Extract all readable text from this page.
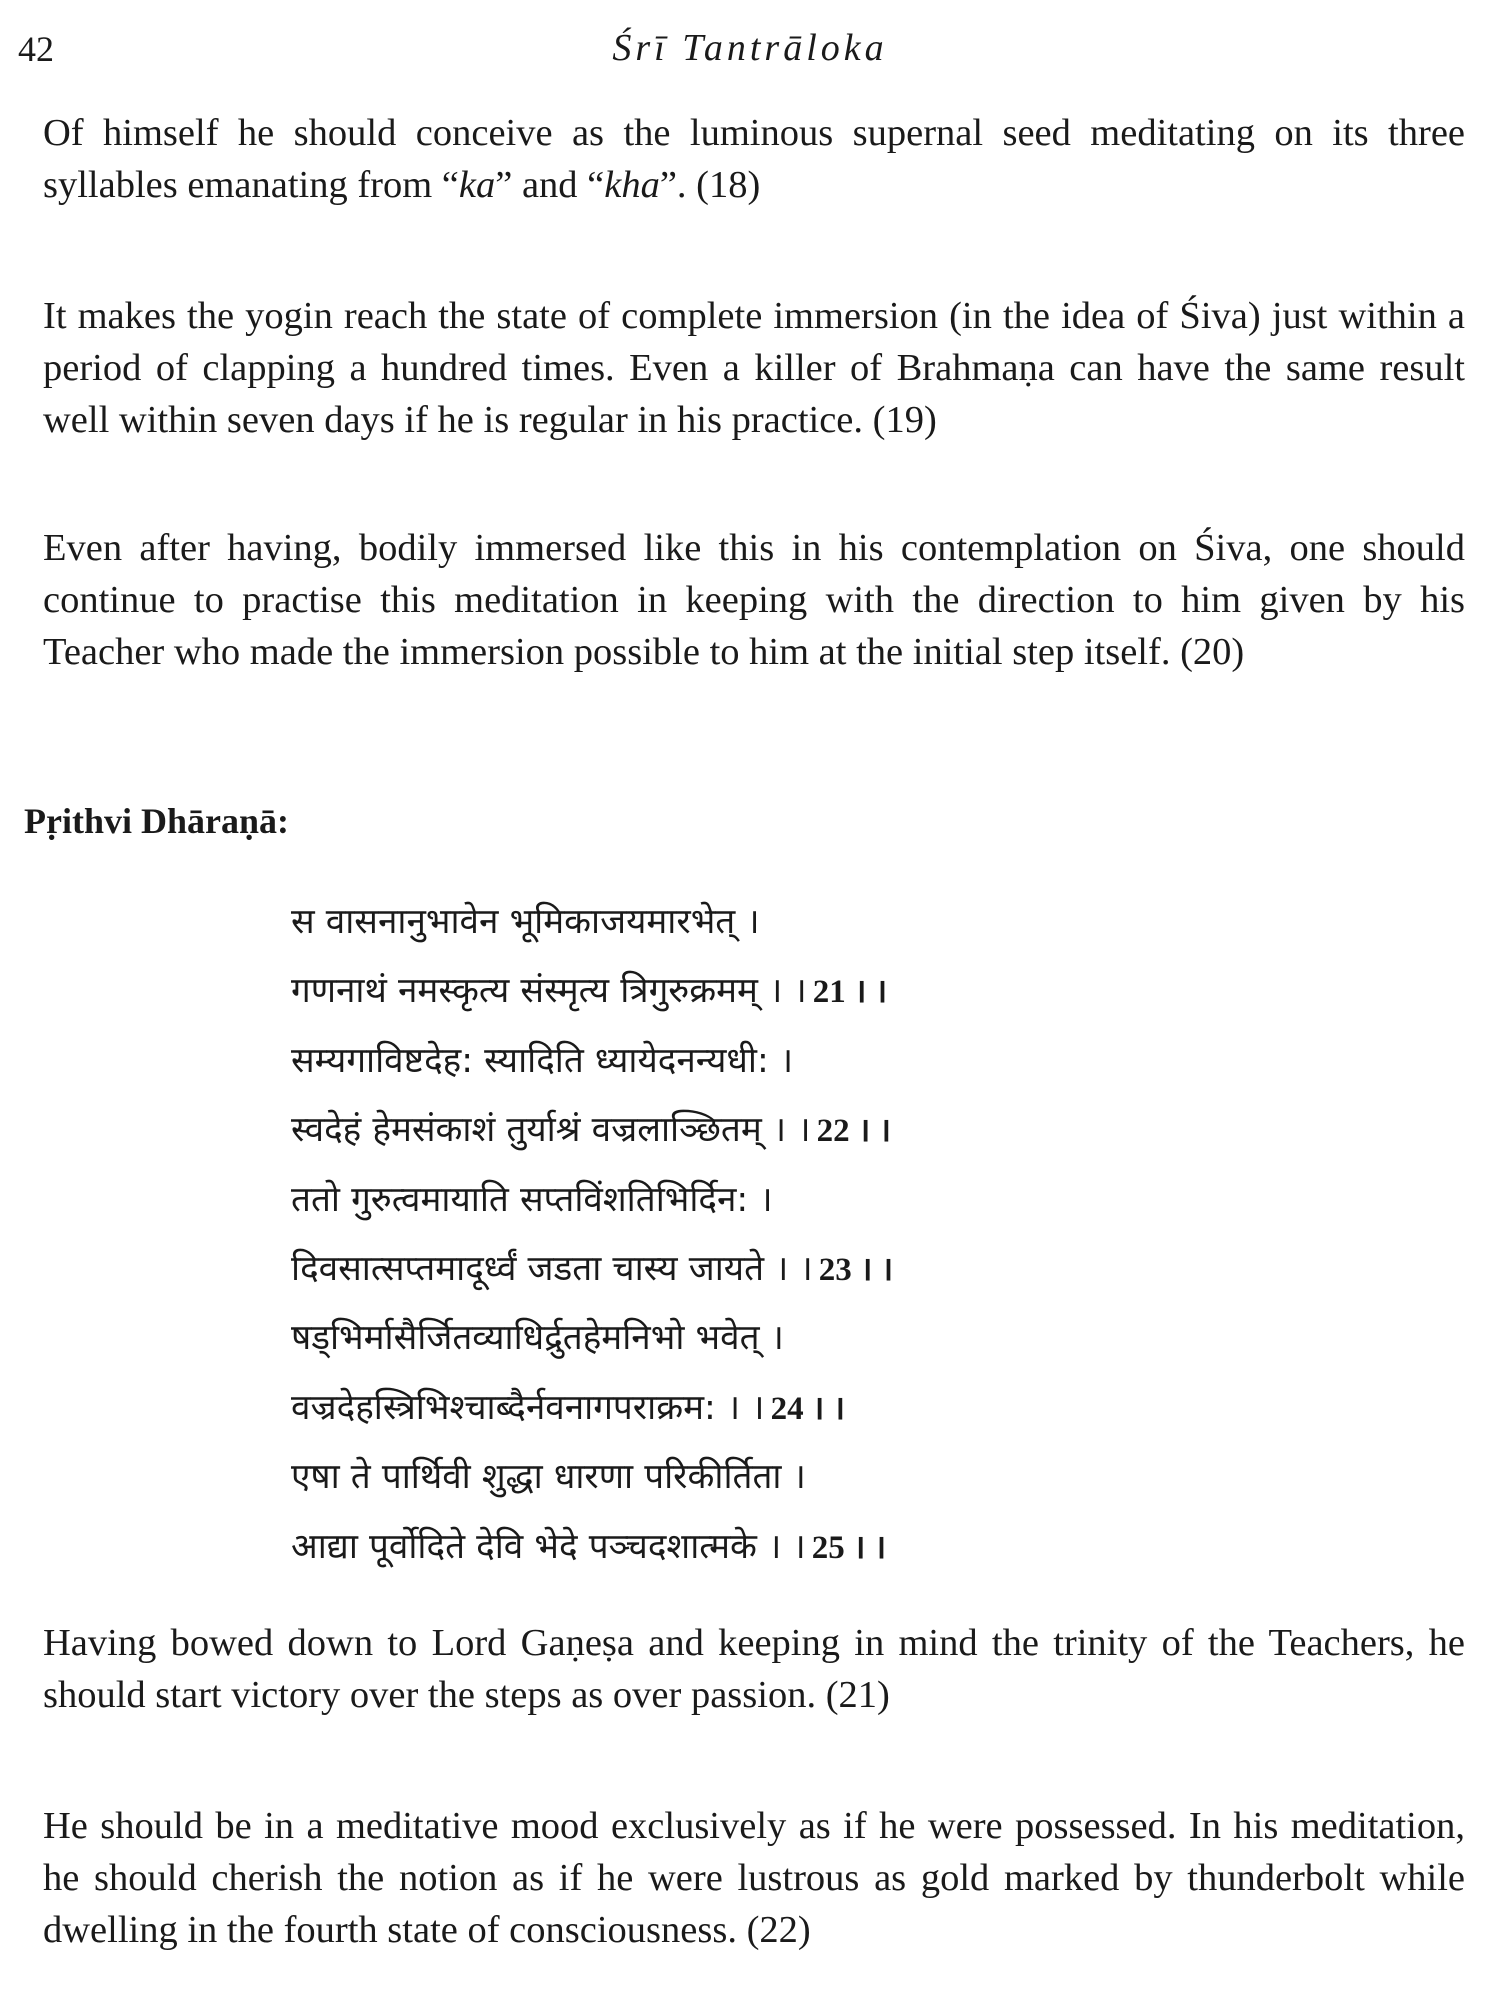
42	Śrī Tantrāloka

Of himself he should conceive as the luminous supernal seed meditating on its three syllables emanating from “ka” and “kha”. (18)

It makes the yogin reach the state of complete immersion (in the idea of Śiva) just within a period of clapping a hundred times. Even a killer of Brahmaṇa can have the same result well within seven days if he is regular in his practice. (19)

Even after having, bodily immersed like this in his contemplation on Śiva, one should continue to practise this meditation in keeping with the direction to him given by his Teacher who made the immersion possible to him at the initial step itself. (20)

Pṛithvi Dhāraṇā:
स वासनानुभावेन भूमिकाजयमारभेत् ।
गणनाथं नमस्कृत्य संस्मृत्य त्रिगुरुक्रमम् । । 21 । ।
सम्यगाविष्टदेह: स्यादिति ध्यायेदनन्यधी: ।
स्वदेहं हेमसंकाशं तुर्याश्रं वज्रलाञ्छितम् । । 22 । ।
ततो गुरुत्वमायाति सप्तविंशतिभिर्दिन: ।
दिवसात्सप्तमादूर्ध्वं जडता चास्य जायते । । 23 । ।
षड्भिर्मासैर्जितव्याधिर्द्रुतहेमनिभो भवेत् ।
वज्रदेहस्त्रिभिश्चाब्दैर्नवनागपराक्रम: । । 24 । ।
एषा ते पार्थिवी शुद्धा धारणा परिकीर्तिता ।
आद्या पूर्वोदिते देवि भेदे पञ्चदशात्मके । । 25 । ।

Having bowed down to Lord Gaṇeṣa and keeping in mind the trinity of the Teachers, he should start victory over the steps as over passion. (21)

He should be in a meditative mood exclusively as if he were possessed. In his meditation, he should cherish the notion as if he were lustrous as gold marked by thunderbolt while dwelling in the fourth state of consciousness. (22)
